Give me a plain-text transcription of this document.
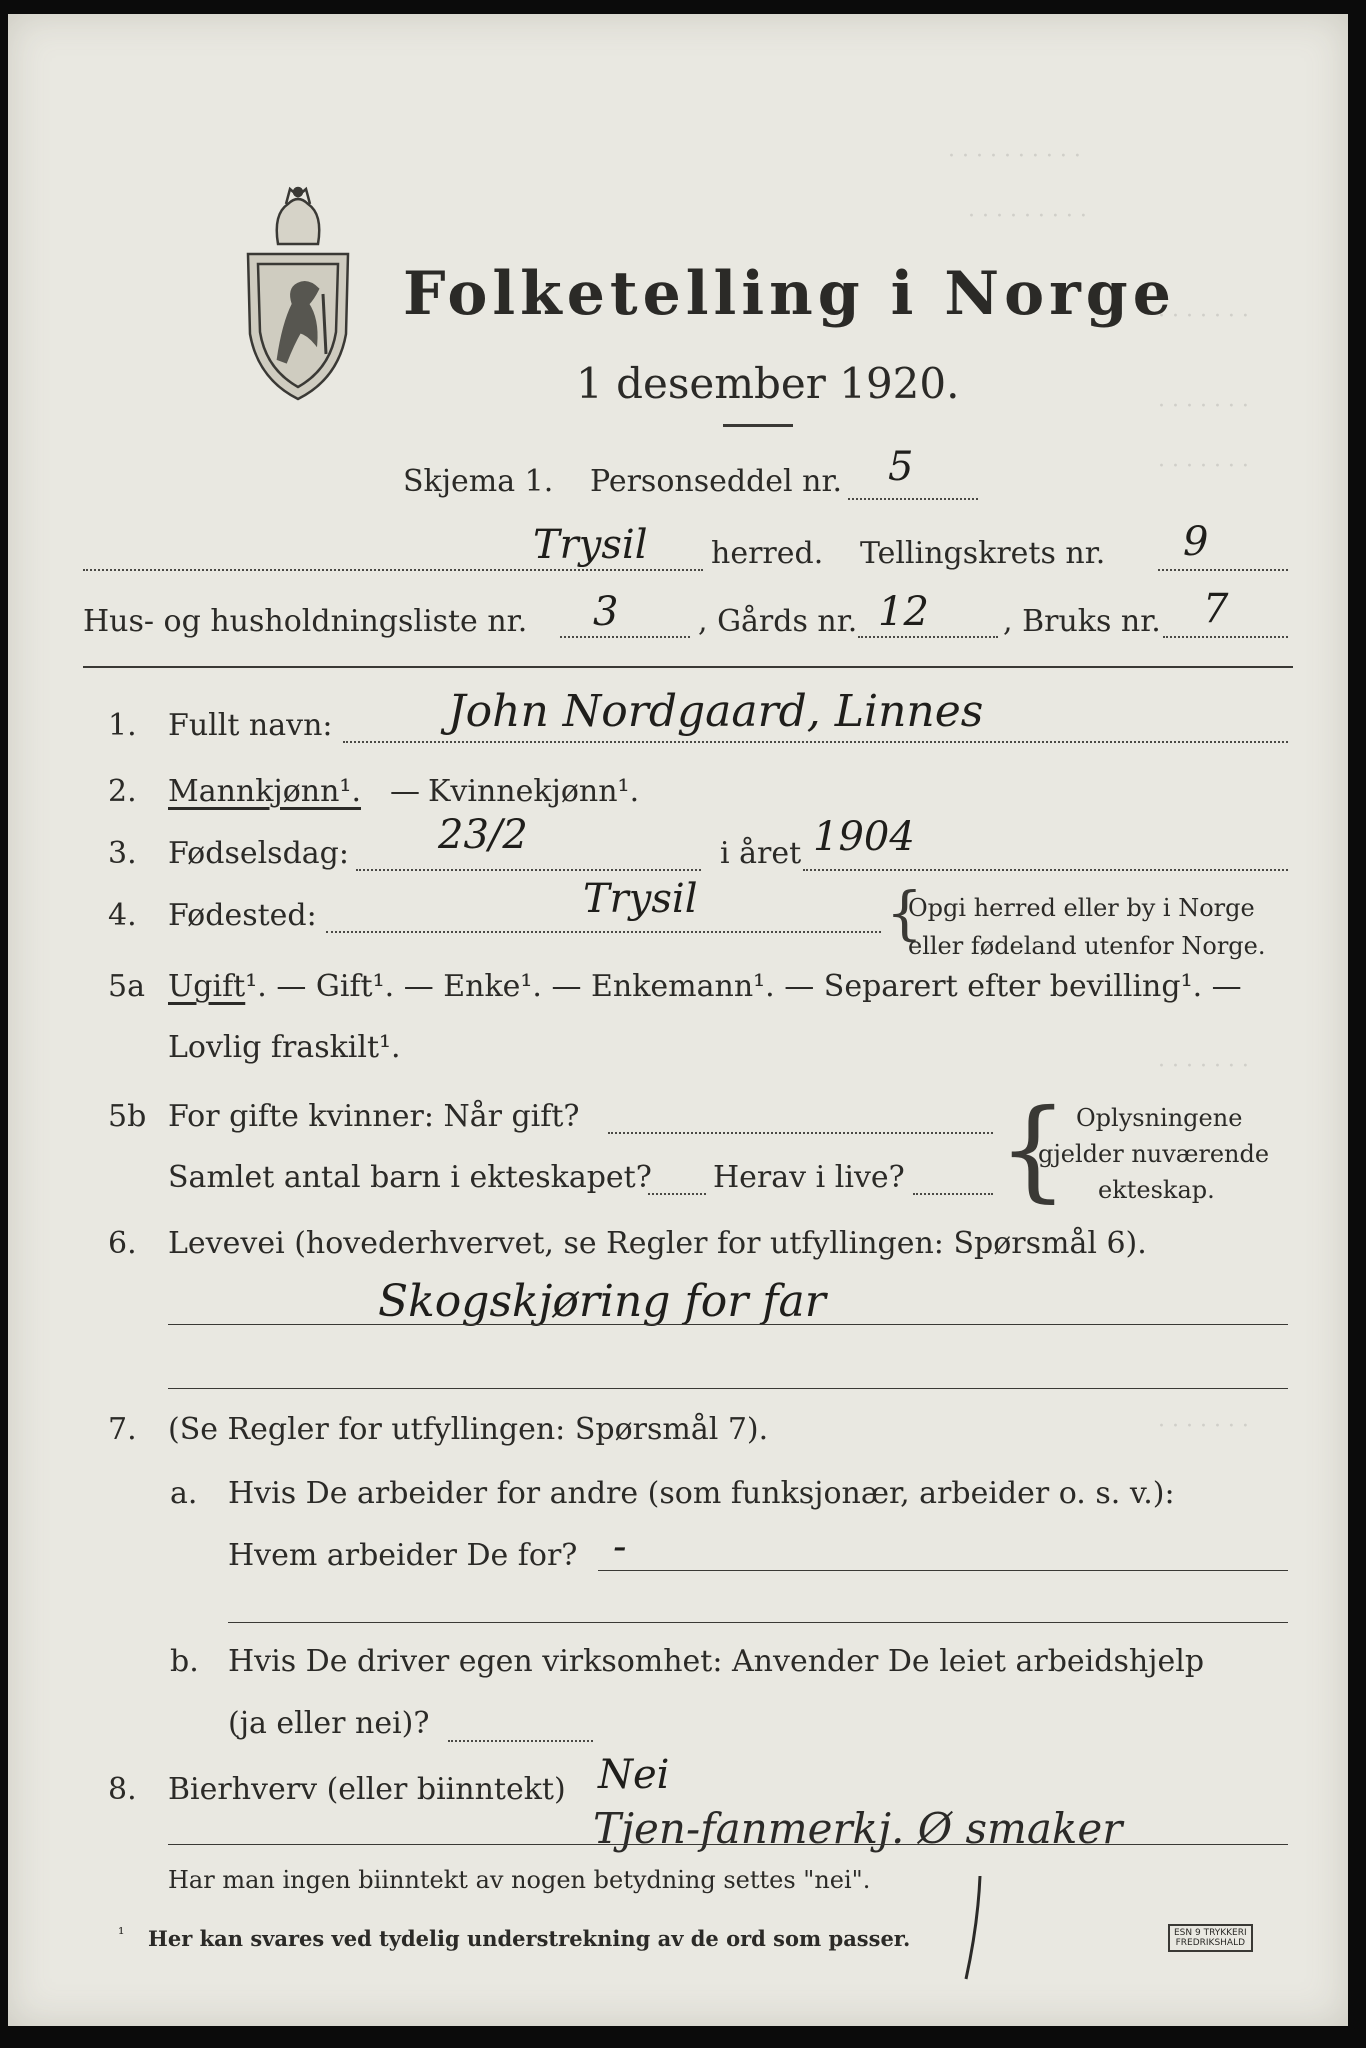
· · · · · · · · · ·
· · · · · · · · ·
· · · · · · ·
· · · · · · ·
· · · · · · ·
· · · · · · ·
· · · · · · ·
Folketelling i Norge
1 desember 1920.
Skjema 1. Personseddel nr. 5
Trysil herred. Tellingskrets nr. 9
Hus- og husholdningsliste nr. 3	, Gårds nr. 12 , Bruks nr. 7
1. Fullt navn:	John Nordgaard, Linnes
2. Mannkjønn¹. — Kvinnekjønn¹.
3. Fødselsdag: 23/2	i året 1904
4. Fødested:	Trysil	{
Opgi herred eller by i Norge
eller fødeland utenfor Norge.
5a Ugift¹. — Gift¹. — Enke¹. — Enkemann¹. — Separert efter bevilling¹. —
Lovlig fraskilt¹.
5b For gifte kvinner: Når gift?
Samlet antal barn i ekteskapet? Herav i live? { Oplysningene
gjelder nuværende
ekteskap.
6. Levevei (hovederhvervet, se Regler for utfyllingen: Spørsmål 6).
Skogskjøring for far
7. (Se Regler for utfyllingen: Spørsmål 7).
a. Hvis De arbeider for andre (som funksjonær, arbeider o. s. v.):
Hvem arbeider De for? -
b. Hvis De driver egen virksomhet: Anvender De leiet arbeidshjelp
(ja eller nei)?
8. Bierhverv (eller biinntekt) Nei
Tjen-fanmerkj. Ø smaker
Har man ingen biinntekt av nogen betydning settes "nei".
¹ Her kan svares ved tydelig understrekning av de ord som passer.	ESN 9 TRYKKERI
FREDRIKSHALD
